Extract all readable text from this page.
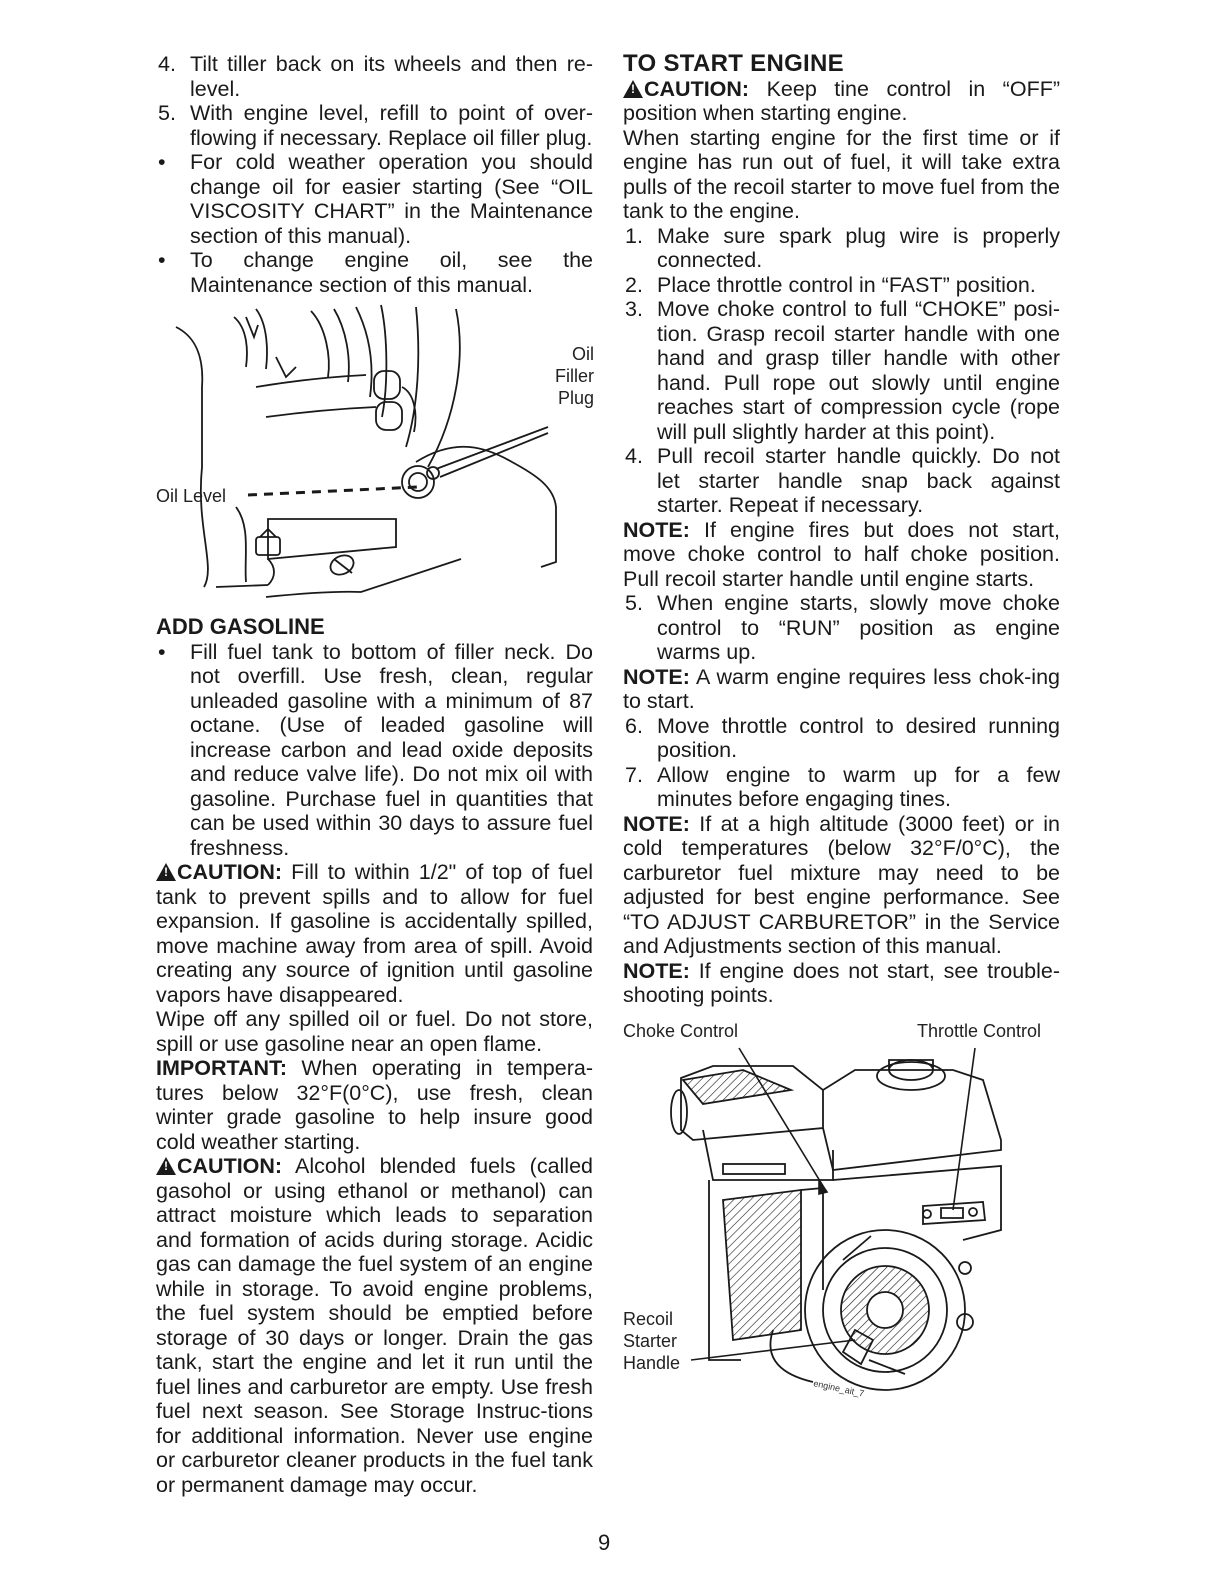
4. Tilt tiller back on its wheels and then re-level.
5. With engine level, refill to point of over-flowing if necessary. Replace oil filler plug.
• For cold weather operation you should change oil for easier starting (See “OIL VISCOSITY CHART” in the Maintenance section of this manual).
• To change engine oil, see the Maintenance section of this manual.
Oil Filler Plug
Oil Level
ADD GASOLINE
• Fill fuel tank to bottom of filler neck. Do not overfill. Use fresh, clean, regular unleaded gasoline with a minimum of 87 octane. (Use of leaded gasoline will increase carbon and lead oxide deposits and reduce valve life). Do not mix oil with gasoline. Purchase fuel in quantities that can be used within 30 days to assure fuel freshness.
!CAUTION: Fill to within 1/2" of top of fuel tank to prevent spills and to allow for fuel expansion. If gasoline is accidentally spilled, move machine away from area of spill. Avoid creating any source of ignition until gasoline vapors have disappeared.
Wipe off any spilled oil or fuel. Do not store, spill or use gasoline near an open flame.
IMPORTANT: When operating in tempera-tures below 32°F(0°C), use fresh, clean winter grade gasoline to help insure good cold weather starting.
!CAUTION: Alcohol blended fuels (called gasohol or using ethanol or methanol) can attract moisture which leads to separation and formation of acids during storage. Acidic gas can damage the fuel system of an engine while in storage. To avoid engine problems, the fuel system should be emptied before storage of 30 days or longer. Drain the gas tank, start the engine and let it run until the fuel lines and carburetor are empty. Use fresh fuel next season. See Storage Instruc-tions for additional information. Never use engine or carburetor cleaner products in the fuel tank or permanent damage may occur.
TO START ENGINE
!CAUTION: Keep tine control in “OFF” position when starting engine.
When starting engine for the first time or if engine has run out of fuel, it will take extra pulls of the recoil starter to move fuel from the tank to the engine.
1. Make sure spark plug wire is properly connected.
2. Place throttle control in “FAST” position.
3. Move choke control to full “CHOKE” posi-tion. Grasp recoil starter handle with one hand and grasp tiller handle with other hand. Pull rope out slowly until engine reaches start of compression cycle (rope will pull slightly harder at this point).
4. Pull recoil starter handle quickly. Do not let starter handle snap back against starter. Repeat if necessary.
NOTE: If engine fires but does not start, move choke control to half choke position. Pull recoil starter handle until engine starts.
5. When engine starts, slowly move choke control to “RUN” position as engine warms up.
NOTE: A warm engine requires less chok-ing to start.
6. Move throttle control to desired running position.
7. Allow engine to warm up for a few minutes before engaging tines.
NOTE: If at a high altitude (3000 feet) or in cold temperatures (below 32°F/0°C), the carburetor fuel mixture may need to be adjusted for best engine performance. See “TO ADJUST CARBURETOR” in the Service and Adjustments section of this manual.
NOTE: If engine does not start, see trouble-shooting points.
engine_ait_7
Choke Control	Throttle Control
Recoil Starter Handle
9
